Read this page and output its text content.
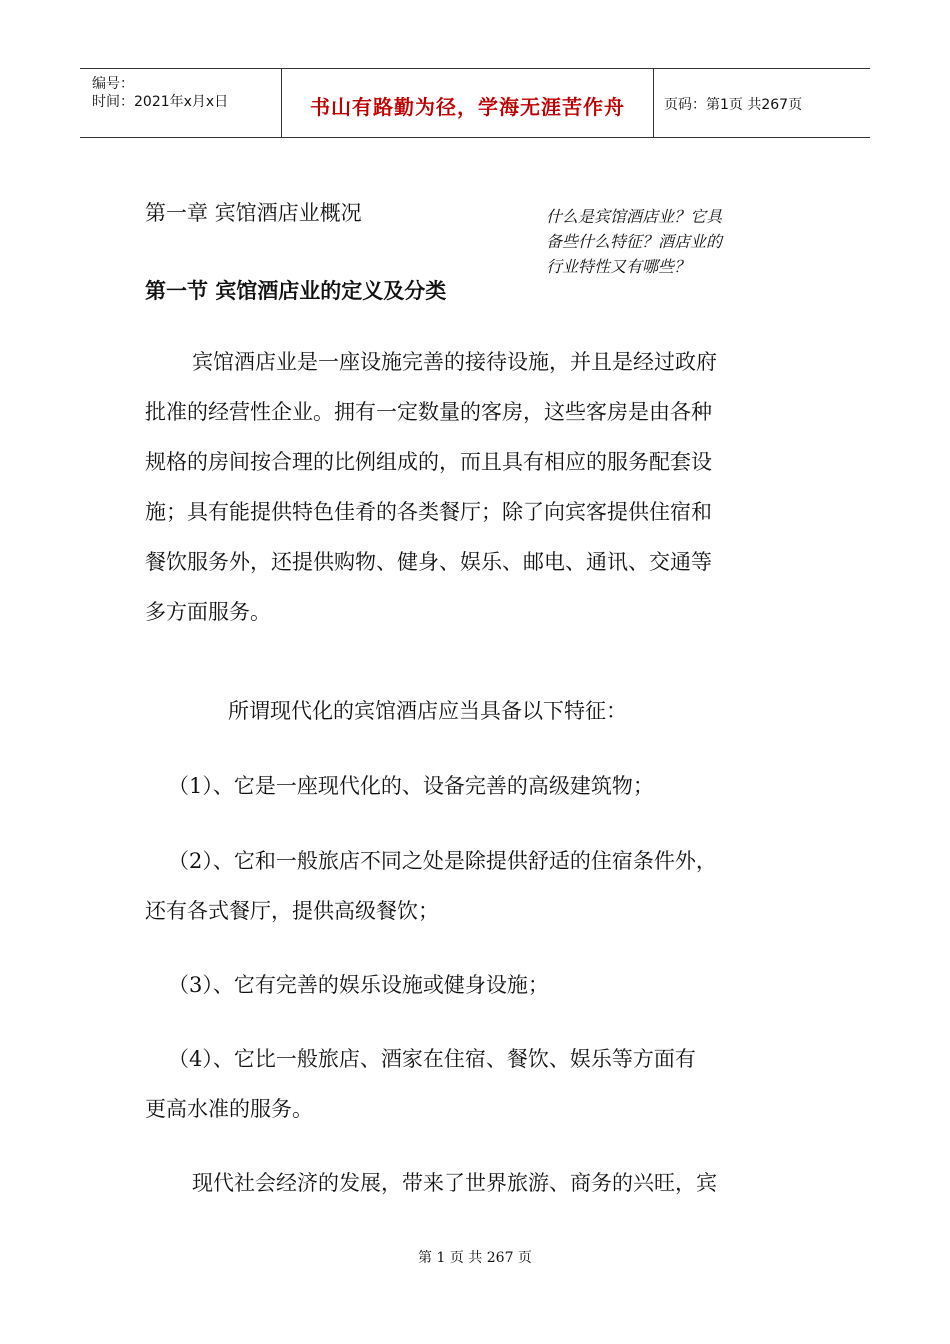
编号：
时间：2021年x月x日	书山有路勤为径，学海无涯苦作舟	页码：第1页 共267页
第一章 宾馆酒店业概况	什么是宾馆酒店业？它具
备些什么特征？酒店业的
行业特性又有哪些？
第一节 宾馆酒店业的定义及分类
宾馆酒店业是一座设施完善的接待设施，并且是经过政府
批准的经营性企业。拥有一定数量的客房，这些客房是由各种
规格的房间按合理的比例组成的，而且具有相应的服务配套设
施；具有能提供特色佳肴的各类餐厅；除了向宾客提供住宿和
餐饮服务外，还提供购物、健身、娱乐、邮电、通讯、交通等
多方面服务。
所谓现代化的宾馆酒店应当具备以下特征：
（1）、它是一座现代化的、设备完善的高级建筑物；
（2）、它和一般旅店不同之处是除提供舒适的住宿条件外，
还有各式餐厅，提供高级餐饮；
（3）、它有完善的娱乐设施或健身设施；
（4）、它比一般旅店、酒家在住宿、餐饮、娱乐等方面有
更高水准的服务。
现代社会经济的发展，带来了世界旅游、商务的兴旺，宾
第 1 页 共 267 页
